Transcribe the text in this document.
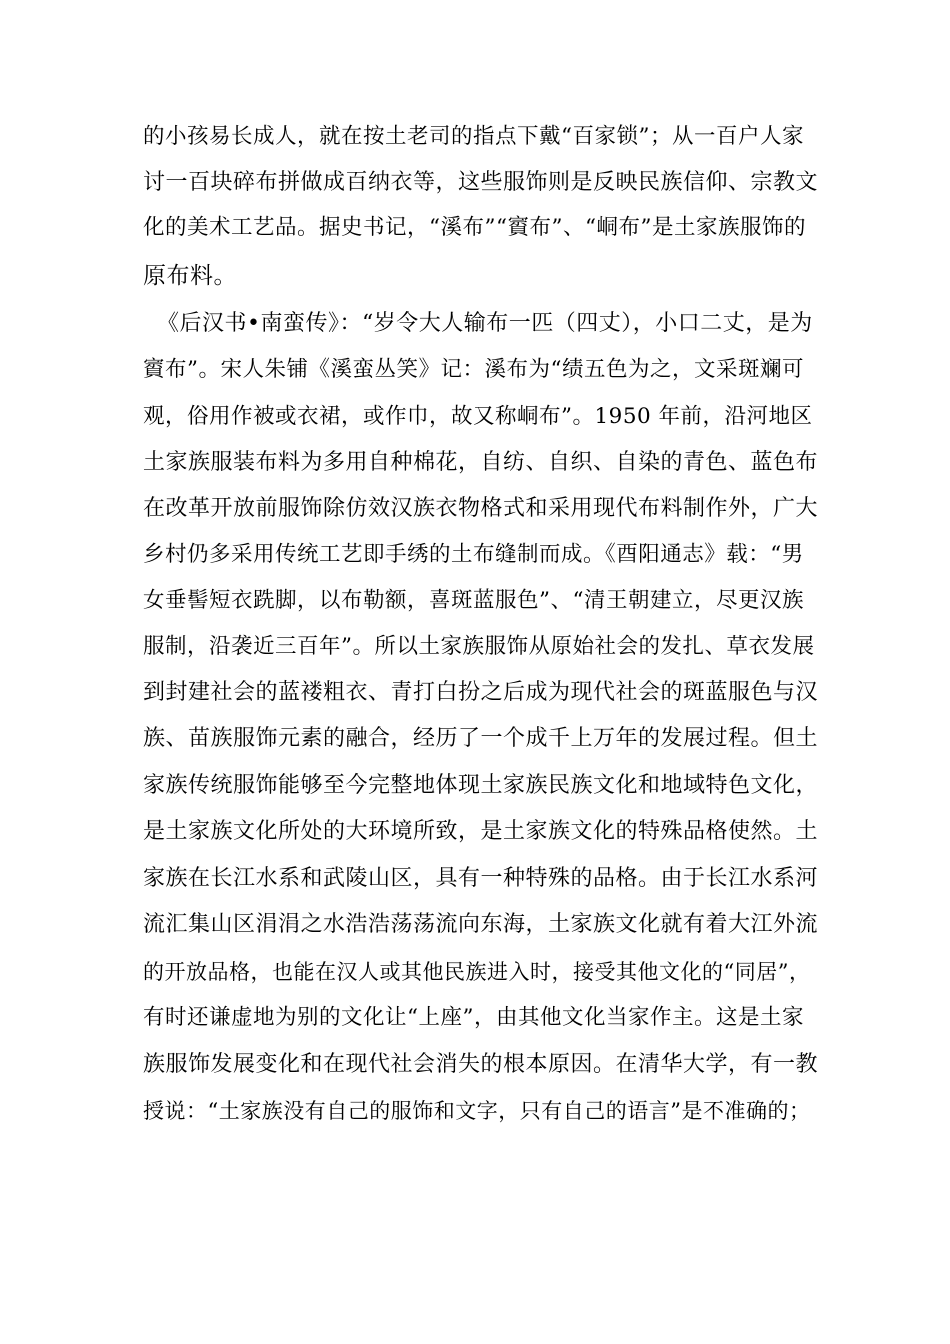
的小孩易长成人，就在按土老司的指点下戴“百家锁”；从一百户人家
讨一百块碎布拼做成百纳衣等，这些服饰则是反映民族信仰、宗教文
化的美术工艺品。据史书记，“溪布”“賨布”、“峒布”是土家族服饰的
原布料。
《后汉书•南蛮传》：“岁令大人输布一匹（四丈），小口二丈，是为
賨布”。宋人朱铺《溪蛮丛笑》记：溪布为“绩五色为之，文采斑斓可
观，俗用作被或衣裙，或作巾，故又称峒布”。1950 年前，沿河地区
土家族服装布料为多用自种棉花，自纺、自织、自染的青色、蓝色布
在改革开放前服饰除仿效汉族衣物格式和采用现代布料制作外，广大
乡村仍多采用传统工艺即手绣的土布缝制而成。《酉阳通志》载：“男
女垂髻短衣跣脚，以布勒额，喜斑蓝服色”、“清王朝建立，尽更汉族
服制，沿袭近三百年”。所以土家族服饰从原始社会的发扎、草衣发展
到封建社会的蓝褛粗衣、青打白扮之后成为现代社会的斑蓝服色与汉
族、苗族服饰元素的融合，经历了一个成千上万年的发展过程。但土
家族传统服饰能够至今完整地体现土家族民族文化和地域特色文化，
是土家族文化所处的大环境所致，是土家族文化的特殊品格使然。土
家族在长江水系和武陵山区，具有一种特殊的品格。由于长江水系河
流汇集山区涓涓之水浩浩荡荡流向东海，土家族文化就有着大江外流
的开放品格，也能在汉人或其他民族进入时，接受其他文化的“同居”，
有时还谦虚地为别的文化让“上座”，由其他文化当家作主。这是土家
族服饰发展变化和在现代社会消失的根本原因。在清华大学，有一教
授说：“土家族没有自己的服饰和文字，只有自己的语言”是不准确的；
